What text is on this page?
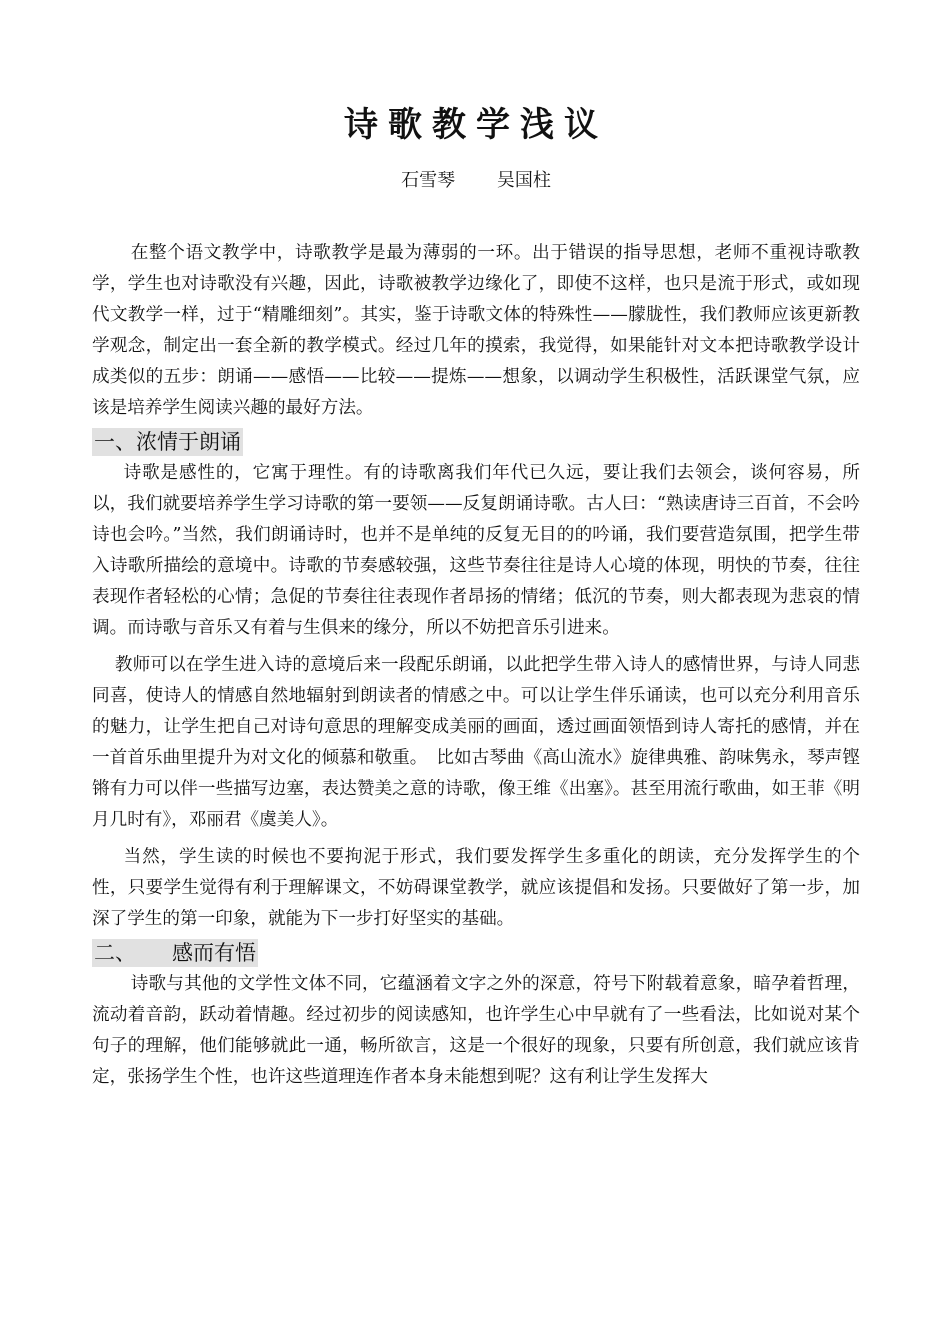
诗歌教学浅议
石雪琴 吴国柱

在整个语文教学中，诗歌教学是最为薄弱的一环。出于错误的指导思想，老师不重视诗歌教学，学生也对诗歌没有兴趣，因此，诗歌被教学边缘化了，即使不这样，也只是流于形式，或如现代文教学一样，过于“精雕细刻”。其实，鉴于诗歌文体的特殊性——朦胧性，我们教师应该更新教学观念，制定出一套全新的教学模式。经过几年的摸索，我觉得，如果能针对文本把诗歌教学设计成类似的五步：朗诵——感悟——比较——提炼——想象，以调动学生积极性，活跃课堂气氛，应该是培养学生阅读兴趣的最好方法。

一、浓情于朗诵

诗歌是感性的，它寓于理性。有的诗歌离我们年代已久远，要让我们去领会，谈何容易，所以，我们就要培养学生学习诗歌的第一要领——反复朗诵诗歌。古人曰：“熟读唐诗三百首，不会吟诗也会吟。”当然，我们朗诵诗时，也并不是单纯的反复无目的的吟诵，我们要营造氛围，把学生带入诗歌所描绘的意境中。诗歌的节奏感较强，这些节奏往往是诗人心境的体现，明快的节奏，往往表现作者轻松的心情；急促的节奏往往表现作者昂扬的情绪；低沉的节奏，则大都表现为悲哀的情调。而诗歌与音乐又有着与生俱来的缘分，所以不妨把音乐引进来。

教师可以在学生进入诗的意境后来一段配乐朗诵，以此把学生带入诗人的感情世界，与诗人同悲同喜，使诗人的情感自然地辐射到朗读者的情感之中。可以让学生伴乐诵读，也可以充分利用音乐的魅力，让学生把自己对诗句意思的理解变成美丽的画面，透过画面领悟到诗人寄托的感情，并在一首首乐曲里提升为对文化的倾慕和敬重。　比如古琴曲《高山流水》旋律典雅、韵味隽永，琴声铿锵有力可以伴一些描写边塞，表达赞美之意的诗歌，像王维《出塞》。甚至用流行歌曲，如王菲《明月几时有》，邓丽君《虞美人》。

当然，学生读的时候也不要拘泥于形式，我们要发挥学生多重化的朗读，充分发挥学生的个性，只要学生觉得有利于理解课文，不妨碍课堂教学，就应该提倡和发扬。只要做好了第一步，加深了学生的第一印象，就能为下一步打好坚实的基础。

二、 感而有悟

诗歌与其他的文学性文体不同，它蕴涵着文字之外的深意，符号下附载着意象，暗孕着哲理，流动着音韵，跃动着情趣。经过初步的阅读感知，也许学生心中早就有了一些看法，比如说对某个句子的理解，他们能够就此一通，畅所欲言，这是一个很好的现象，只要有所创意，我们就应该肯定，张扬学生个性，也许这些道理连作者本身未能想到呢？这有利让学生发挥大
